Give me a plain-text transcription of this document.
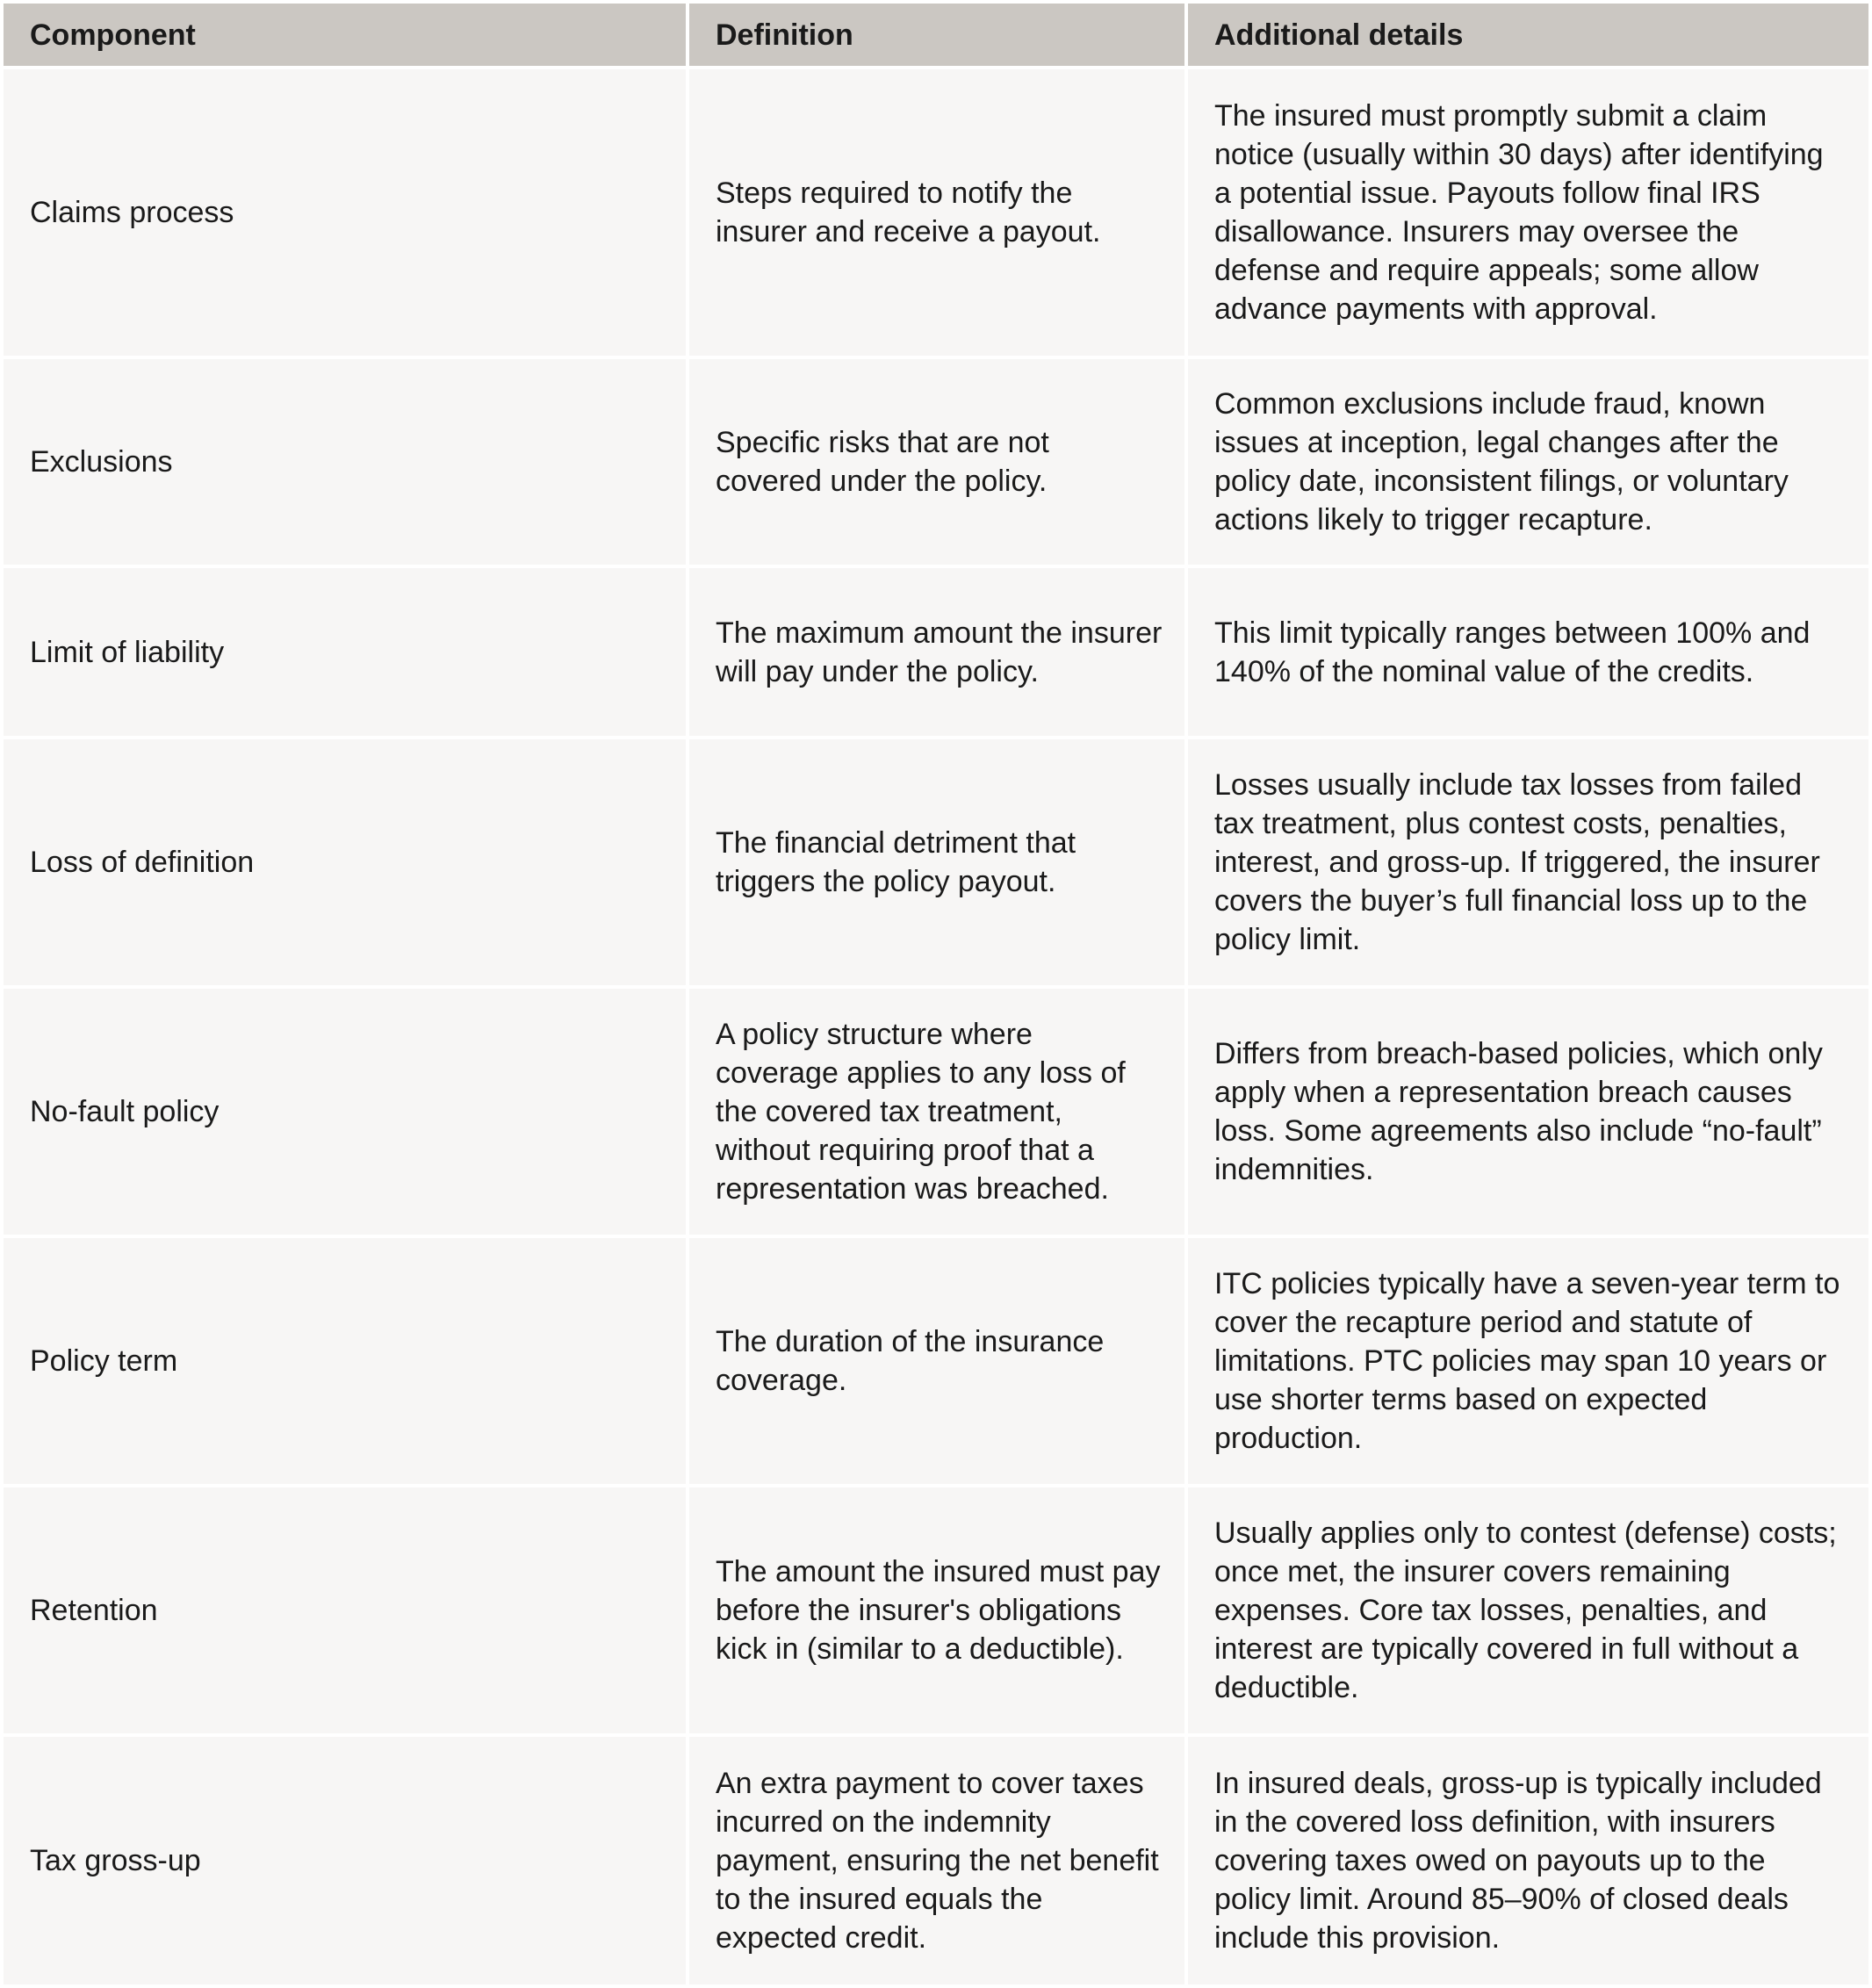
Component	Definition	Additional details
Claims process
Steps required to notify the insurer and receive a payout.
The insured must promptly submit a claim notice (usually within 30 days) after identifying a potential issue. Payouts follow final IRS disallowance. Insurers may oversee the defense and require appeals; some allow advance payments with approval.
Exclusions
Specific risks that are not covered under the policy.
Common exclusions include fraud, known issues at inception, legal changes after the policy date, inconsistent filings, or voluntary actions likely to trigger recapture.
Limit of liability
The maximum amount the insurer will pay under the policy.
This limit typically ranges between 100% and 140% of the nominal value of the credits.
Loss of definition
The financial detriment that triggers the policy payout.
Losses usually include tax losses from failed tax treatment, plus contest costs, penalties, interest, and gross-up. If triggered, the insurer covers the buyer’s full financial loss up to the policy limit.
No-fault policy
A policy structure where coverage applies to any loss of the covered tax treatment, without requiring proof that a representation was breached.
Differs from breach-based policies, which only apply when a representation breach causes loss. Some agreements also include “no-fault” indemnities.
Policy term
The duration of the insurance coverage.
ITC policies typically have a seven-year term to cover the recapture period and statute of limitations. PTC policies may span 10 years or use shorter terms based on expected production.
Retention
The amount the insured must pay before the insurer's obligations kick in (similar to a deductible).
Usually applies only to contest (defense) costs; once met, the insurer covers remaining expenses. Core tax losses, penalties, and interest are typically covered in full without a deductible.
Tax gross-up
An extra payment to cover taxes incurred on the indemnity payment, ensuring the net benefit to the insured equals the expected credit.
In insured deals, gross-up is typically included in the covered loss definition, with insurers covering taxes owed on payouts up to the policy limit. Around 85–90% of closed deals include this provision.
